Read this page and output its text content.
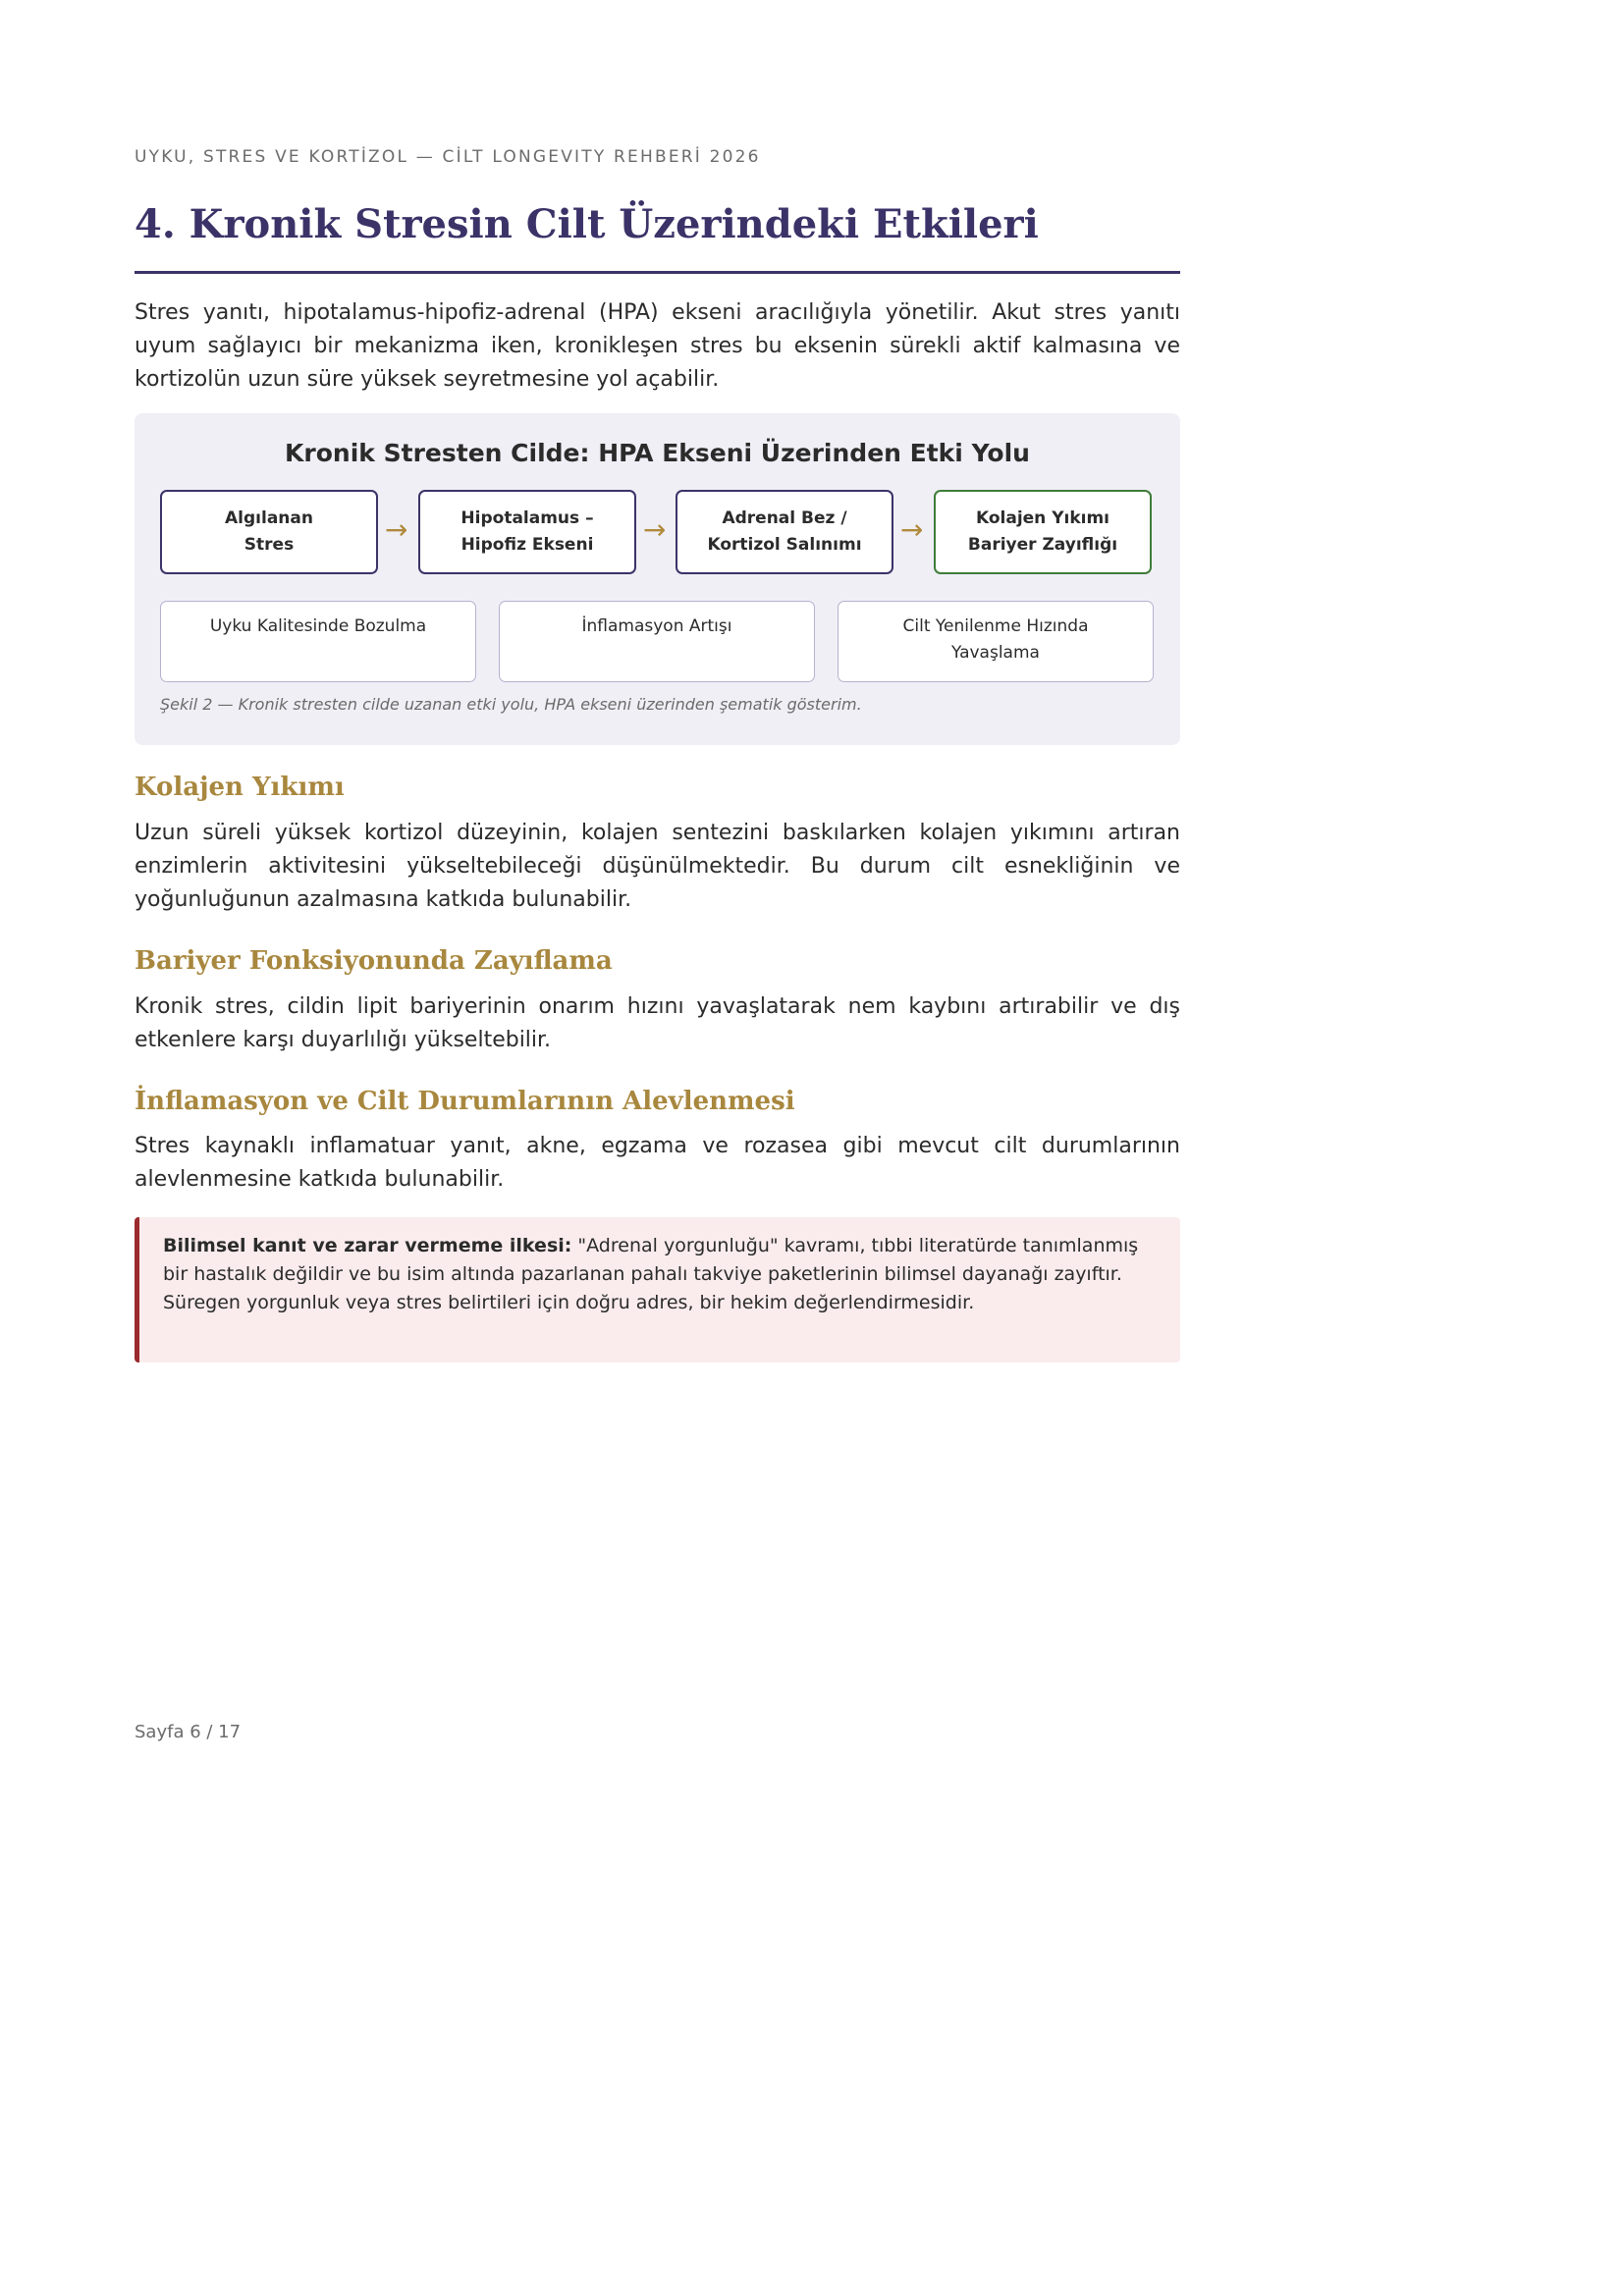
UYKU, STRES VE KORTİZOL — CİLT LONGEVITY REHBERİ 2026
4. Kronik Stresin Cilt Üzerindeki Etkileri

Stres yanıtı, hipotalamus-hipofiz-adrenal (HPA) ekseni aracılığıyla yönetilir. Akut stres yanıtı uyum sağlayıcı bir mekanizma iken, kronikleşen stres bu eksenin sürekli aktif kalmasına ve kortizolün uzun süre yüksek seyretmesine yol açabilir.

Kronik Stresten Cilde: HPA Ekseni Üzerinden Etki Yolu
Algılanan
Stres	→	Hipotalamus –
Hipofiz Ekseni →	Adrenal Bez /
Kortizol Salınımı →	Kolajen Yıkımı
Bariyer Zayıflığı
Uyku Kalitesinde Bozulma	İnflamasyon Artışı	Cilt Yenilenme Hızında
Yavaşlama
Şekil 2 — Kronik stresten cilde uzanan etki yolu, HPA ekseni üzerinden şematik gösterim.
Kolajen Yıkımı

Uzun süreli yüksek kortizol düzeyinin, kolajen sentezini baskılarken kolajen yıkımını artıran enzimlerin aktivitesini yükseltebileceği düşünülmektedir. Bu durum cilt esnekliğinin ve yoğunluğunun azalmasına katkıda bulunabilir.

Bariyer Fonksiyonunda Zayıflama

Kronik stres, cildin lipit bariyerinin onarım hızını yavaşlatarak nem kaybını artırabilir ve dış etkenlere karşı duyarlılığı yükseltebilir.

İnflamasyon ve Cilt Durumlarının Alevlenmesi

Stres kaynaklı inflamatuar yanıt, akne, egzama ve rozasea gibi mevcut cilt durumlarının alevlenmesine katkıda bulunabilir.

Bilimsel kanıt ve zarar vermeme ilkesi: "Adrenal yorgunluğu" kavramı, tıbbi literatürde tanımlanmış bir hastalık değildir ve bu isim altında pazarlanan pahalı takviye paketlerinin bilimsel dayanağı zayıftır. Süregen yorgunluk veya stres belirtileri için doğru adres, bir hekim değerlendirmesidir.
Sayfa 6 / 17
